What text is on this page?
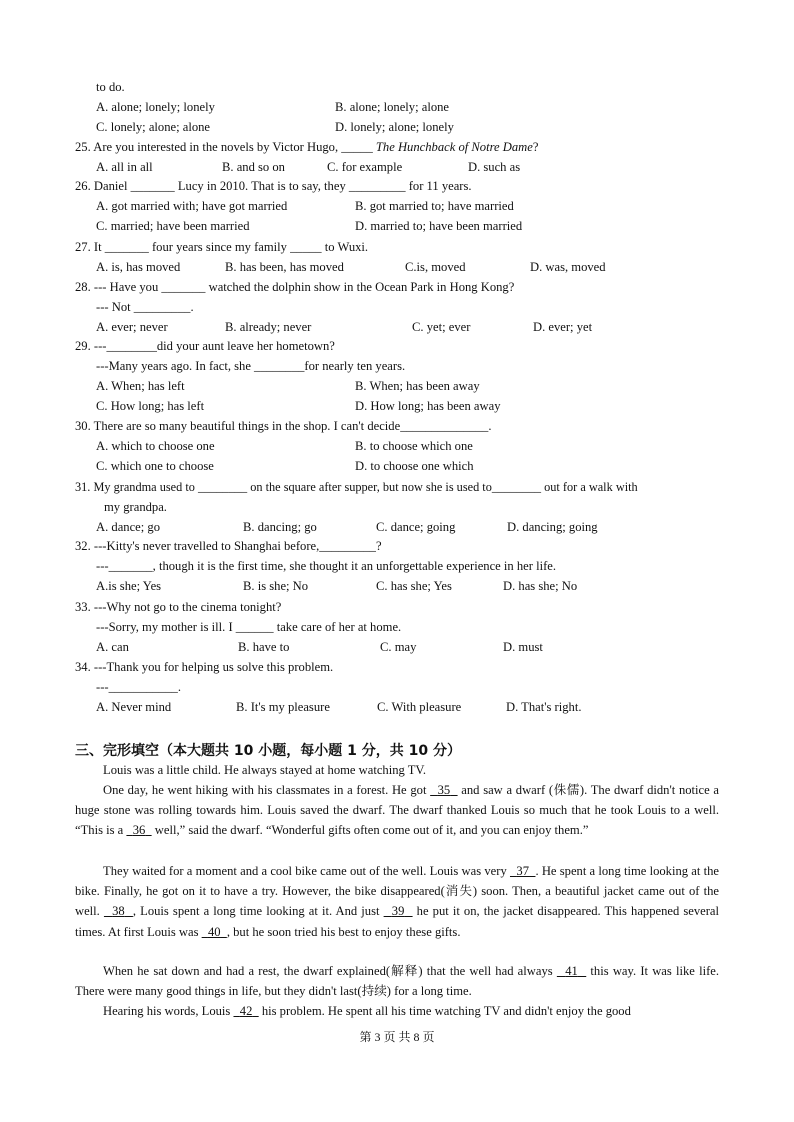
to do.
A. alone; lonely; lonely	B. alone; lonely; alone
C. lonely; alone; alone	D. lonely; alone; lonely
25. Are you interested in the novels by Victor Hugo, _____ The Hunchback of Notre Dame?
A. all in all	B. and so on	C. for example	D. such as
26. Daniel _______ Lucy in 2010. That is to say, they _________ for 11 years.
A. got married with; have got married	B. got married to; have married
C. married; have been married	D. married to; have been married
27. It _______ four years since my family _____ to Wuxi.
A. is, has moved	B. has been, has moved	C.is, moved	D. was, moved
28. --- Have you _______ watched the dolphin show in the Ocean Park in Hong Kong?
--- Not _________.
A. ever; never	B. already; never	C. yet; ever	D. ever; yet
29. ---________did your aunt leave her hometown?
---Many years ago. In fact, she ________for nearly ten years.
A. When; has left	B. When; has been away
C. How long; has left	D. How long; has been away
30. There are so many beautiful things in the shop. I can't decide______________.
A. which to choose one	B. to choose which one
C. which one to choose	D. to choose one which
31. My grandma used to ________ on the square after supper, but now she is used to________ out for a walk with
my grandpa.
A. dance; go	B. dancing; go	C. dance; going	D. dancing; going
32. ---Kitty's never travelled to Shanghai before,_________?
---_______, though it is the first time, she thought it an unforgettable experience in her life.
A.is she; Yes	B. is she; No	C. has she; Yes	D. has she; No
33. ---Why not go to the cinema tonight?
---Sorry, my mother is ill. I ______ take care of her at home.
A. can	B. have to	C. may	D. must
34. ---Thank you for helping us solve this problem.
---___________.
A. Never mind	B. It's my pleasure	C. With pleasure	D. That's right.
三、完形填空（本大题共 10 小题，每小题 1 分，共 10 分）
Louis was a little child. He always stayed at home watching TV.
One day, he went hiking with his classmates in a forest. He got   35   and saw a dwarf (侏儒). The dwarf didn't notice a huge stone was rolling towards him. Louis saved the dwarf. The dwarf thanked Louis so much that he took Louis to a well. “This is a   36   well,” said the dwarf. “Wonderful gifts often come out of it, and you can enjoy them.”
They waited for a moment and a cool bike came out of the well. Louis was very   37 . He spent a long time looking at the bike. Finally, he got on it to have a try. However, the bike disappeared(消失) soon. Then, a beautiful jacket came out of the well.   38 , Louis spent a long time looking at it. And just   39   he put it on, the jacket disappeared. This happened several times. At first Louis was   40 , but he soon tried his best to enjoy these gifts.
When he sat down and had a rest, the dwarf explained(解释) that the well had always   41   this way. It was like life. There were many good things in life, but they didn't last(持续) for a long time.
Hearing his words, Louis   42   his problem. He spent all his time watching TV and didn't enjoy the good
第 3 页 共 8 页
